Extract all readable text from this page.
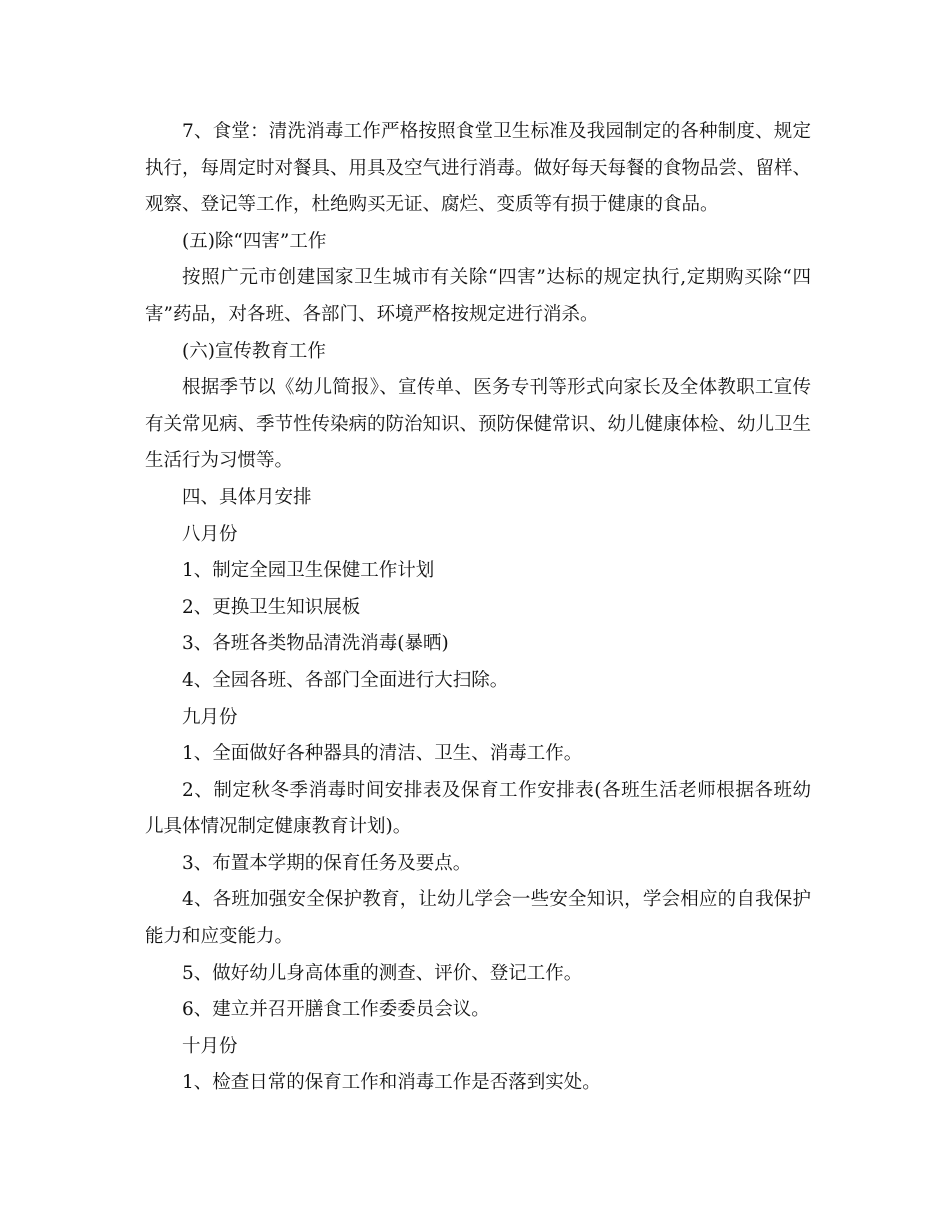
7、食堂：清洗消毒工作严格按照食堂卫生标准及我园制定的各种制度、规定执行，每周定时对餐具、用具及空气进行消毒。做好每天每餐的食物品尝、留样、观察、登记等工作，杜绝购买无证、腐烂、变质等有损于健康的食品。

(五)除“四害”工作

按照广元市创建国家卫生城市有关除“四害”达标的规定执行,定期购买除“四害”药品，对各班、各部门、环境严格按规定进行消杀。

(六)宣传教育工作

根据季节以《幼儿简报》、宣传单、医务专刊等形式向家长及全体教职工宣传有关常见病、季节性传染病的防治知识、预防保健常识、幼儿健康体检、幼儿卫生生活行为习惯等。

四、具体月安排

八月份

1、制定全园卫生保健工作计划

2、更换卫生知识展板

3、各班各类物品清洗消毒(暴晒)

4、全园各班、各部门全面进行大扫除。

九月份

1、全面做好各种器具的清洁、卫生、消毒工作。

2、制定秋冬季消毒时间安排表及保育工作安排表(各班生活老师根据各班幼儿具体情况制定健康教育计划)。

3、布置本学期的保育任务及要点。

4、各班加强安全保护教育，让幼儿学会一些安全知识，学会相应的自我保护能力和应变能力。

5、做好幼儿身高体重的测查、评价、登记工作。

6、建立并召开膳食工作委委员会议。

十月份

1、检查日常的保育工作和消毒工作是否落到实处。
